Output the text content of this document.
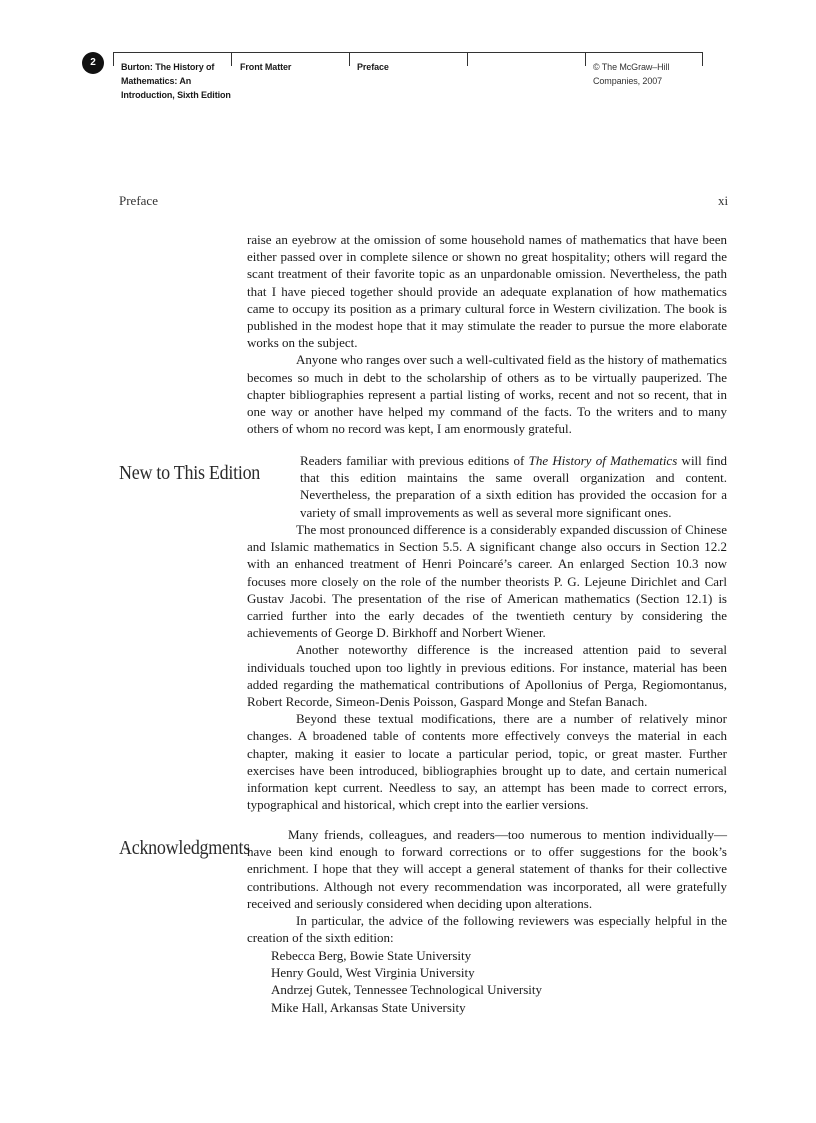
2	Burton: The History of
Mathematics: An
Introduction, Sixth Edition
Front Matter	Preface	© The McGraw–Hill
Companies, 2007
Preface	xi

raise an eyebrow at the omission of some household names of mathematics that have been either passed over in complete silence or shown no great hospitality; others will regard the scant treatment of their favorite topic as an unpardonable omission. Nevertheless, the path that I have pieced together should provide an adequate explanation of how mathematics came to occupy its position as a primary cultural force in Western civilization. The book is published in the modest hope that it may stimulate the reader to pursue the more elaborate works on the subject.

Anyone who ranges over such a well-cultivated field as the history of mathematics becomes so much in debt to the scholarship of others as to be virtually pauperized. The chapter bibliographies represent a partial listing of works, recent and not so recent, that in one way or another have helped my command of the facts. To the writers and to many others of whom no record was kept, I am enormously grateful.

New to This Edition

Readers familiar with previous editions of The History of Mathematics will find that this edition maintains the same overall organization and content. Nevertheless, the preparation of a sixth edition has provided the occasion for a variety of small improvements as well as several more significant ones.

The most pronounced difference is a considerably expanded discussion of Chinese and Islamic mathematics in Section 5.5. A significant change also occurs in Section 12.2 with an enhanced treatment of Henri Poincaré’s career. An enlarged Section 10.3 now focuses more closely on the role of the number theorists P. G. Lejeune Dirichlet and Carl Gustav Jacobi. The presentation of the rise of American mathematics (Section 12.1) is carried further into the early decades of the twentieth century by considering the achievements of George D. Birkhoff and Norbert Wiener.

Another noteworthy difference is the increased attention paid to several individuals touched upon too lightly in previous editions. For instance, material has been added regarding the mathematical contributions of Apollonius of Perga, Regiomontanus, Robert Recorde, Simeon-Denis Poisson, Gaspard Monge and Stefan Banach.

Beyond these textual modifications, there are a number of relatively minor changes. A broadened table of contents more effectively conveys the material in each chapter, making it easier to locate a particular period, topic, or great master. Further exercises have been introduced, bibliographies brought up to date, and certain numerical information kept current. Needless to say, an attempt has been made to correct errors, typographical and historical, which crept into the earlier versions.

Acknowledgments

Many friends, colleagues, and readers—too numerous to mention individually—have been kind enough to forward corrections or to offer suggestions for the book’s enrichment. I hope that they will accept a general statement of thanks for their collective contributions. Although not every recommendation was incorporated, all were gratefully received and seriously considered when deciding upon alterations.

In particular, the advice of the following reviewers was especially helpful in the creation of the sixth edition:

Rebecca Berg, Bowie State University
Henry Gould, West Virginia University
Andrzej Gutek, Tennessee Technological University
Mike Hall, Arkansas State University
